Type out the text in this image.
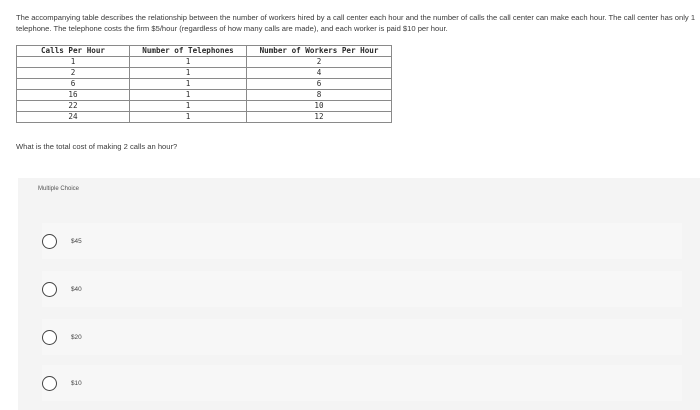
The accompanying table describes the relationship between the number of workers hired by a call center each hour and the number of calls the call center can make each hour. The call center has only 1 telephone. The telephone costs the firm $5/hour (regardless of how many calls are made), and each worker is paid $10 per hour.
Calls Per Hour	Number of Telephones	Number of Workers Per Hour
1	1	2
2	1	4
6	1	6
16	1	8
22	1	10
24	1	12
What is the total cost of making 2 calls an hour?
Multiple Choice
$45
$40
$20
$10
